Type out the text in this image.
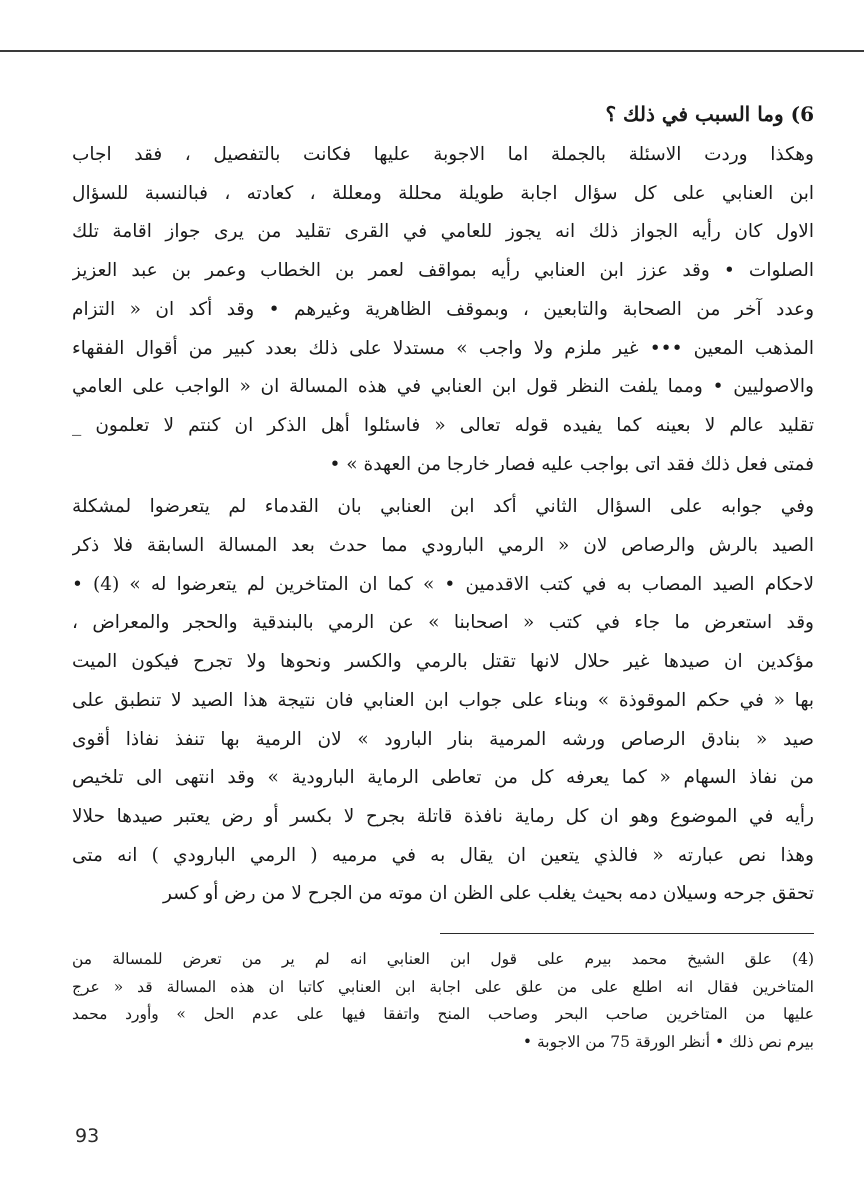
6) وما السبب في ذلك ؟
وهكذا وردت الاسئلة بالجملة اما الاجوبة عليها فكانت بالتفصيل ، فقد اجاب
ابن العنابي على كل سؤال اجابة طويلة محللة ومعللة ، كعادته ، فبالنسبة للسؤال
الاول كان رأيه الجواز ذلك انه يجوز للعامي في القرى تقليد من يرى جواز اقامة تلك
الصلوات • وقد عزز ابن العنابي رأيه بمواقف لعمر بن الخطاب وعمر بن عبد العزيز
وعدد آخر من الصحابة والتابعين ، وبموقف الظاهرية وغيرهم • وقد أكد ان « التزام
المذهب المعين ••• غير ملزم ولا واجب » مستدلا على ذلك بعدد كبير من أقوال الفقهاء
والاصوليين • ومما يلفت النظر قول ابن العنابي في هذه المسالة ان « الواجب على العامي
تقليد عالم لا بعينه كما يفيده قوله تعالى « فاسئلوا أهل الذكر ان كنتم لا تعلمون _
فمتى فعل ذلك فقد اتى بواجب عليه فصار خارجا من العهدة » •
وفي جوابه على السؤال الثاني أكد ابن العنابي بان القدماء لم يتعرضوا لمشكلة
الصيد بالرش والرصاص لان « الرمي البارودي مما حدث بعد المسالة السابقة فلا ذكر
لاحكام الصيد المصاب به في كتب الاقدمين • » كما ان المتاخرين لم يتعرضوا له » (4) •
وقد استعرض ما جاء في كتب « اصحابنا » عن الرمي بالبندقية والحجر والمعراض ،
مؤكدين ان صيدها غير حلال لانها تقتل بالرمي والكسر ونحوها ولا تجرح فيكون الميت
بها « في حكم الموقوذة » وبناء على جواب ابن العنابي فان نتيجة هذا الصيد لا تنطبق على
صيد « بنادق الرصاص ورشه المرمية بنار البارود » لان الرمية بها تنفذ نفاذا أقوى
من نفاذ السهام « كما يعرفه كل من تعاطى الرماية البارودية » وقد انتهى الى تلخيص
رأيه في الموضوع وهو ان كل رماية نافذة قاتلة بجرح لا بكسر أو رض يعتبر صيدها حلالا
وهذا نص عبارته « فالذي يتعين ان يقال به في مرميه ( الرمي البارودي ) انه متى
تحقق جرحه وسيلان دمه بحيث يغلب على الظن ان موته من الجرح لا من رض أو كسر
(4) علق الشيخ محمد بيرم على قول ابن العنابي انه لم ير من تعرض للمسالة من
المتاخرين فقال انه اطلع على من علق على اجابة ابن العنابي كاتبا ان هذه المسالة قد « عرج
عليها من المتاخرين صاحب البحر وصاحب المنح واتفقا فيها على عدم الحل » وأورد محمد
بيرم نص ذلك • أنظر الورقة 75 من الاجوبة •
93
